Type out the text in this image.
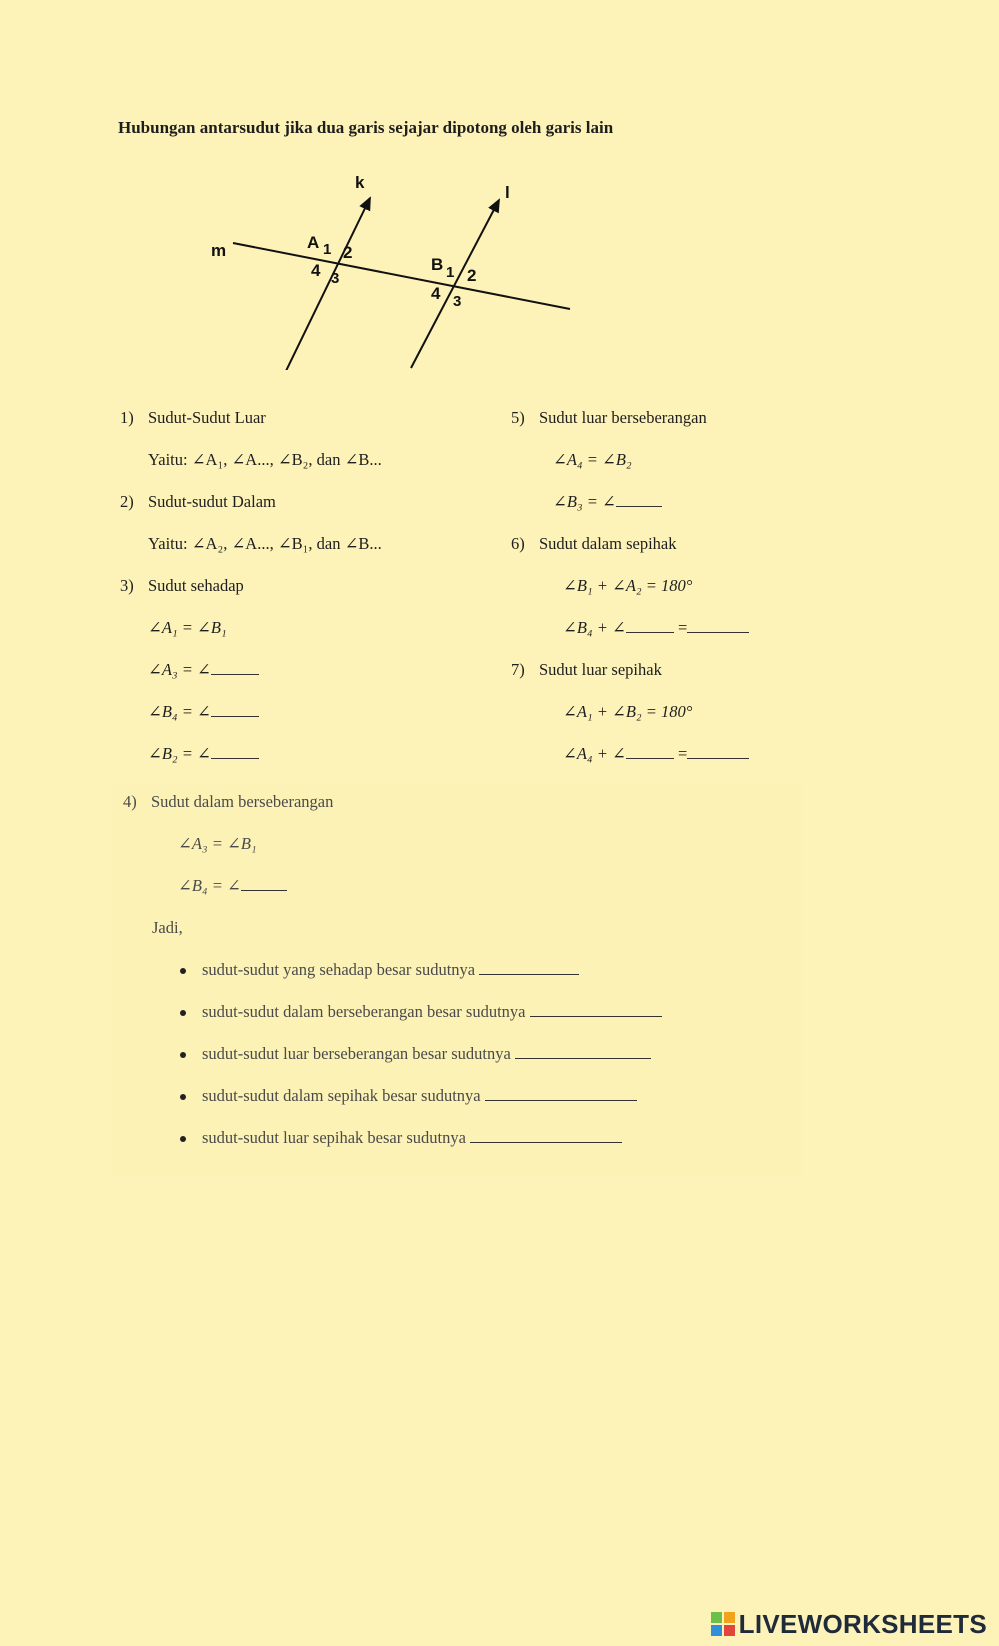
Hubungan antarsudut jika dua garis sejajar dipotong oleh garis lain
k
l
m	A 1 2
4 3
B 1 2
4 3
1) Sudut-Sudut Luar
Yaitu: ∠A₁, ∠A..., ∠B₂, dan ∠B...
2) Sudut-sudut Dalam
Yaitu: ∠A₂, ∠A..., ∠B₁, dan ∠B...
3) Sudut sehadap
∠A₁ = ∠B₁
∠A₃ = ∠
∠B₄ = ∠
∠B₂ = ∠
5) Sudut luar berseberangan
∠A₄ = ∠B₂
∠B₃ = ∠
6) Sudut dalam sepihak
∠B₁ + ∠A₂ = 180°
∠B₄ + ∠	=
7) Sudut luar sepihak
∠A₁ + ∠B₂ = 180°
∠A₄ + ∠	=
4) Sudut dalam berseberangan
∠A₃ = ∠B₁
∠B₄ = ∠
Jadi,
sudut-sudut yang sehadap besar sudutnya
sudut-sudut dalam berseberangan besar sudutnya
sudut-sudut luar berseberangan besar sudutnya
sudut-sudut dalam sepihak besar sudutnya
sudut-sudut luar sepihak besar sudutnya
LIVEWORKSHEETS
